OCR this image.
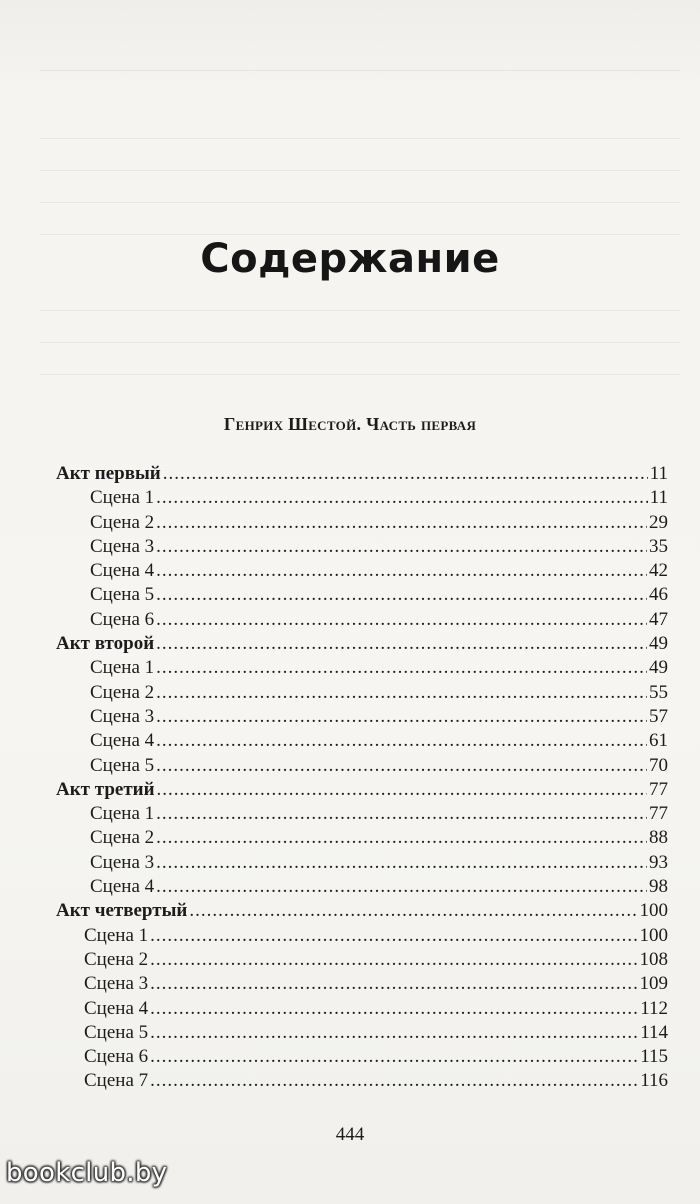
Содержание
Генрих Шестой. Часть первая
Акт первый .....	11
Сцена 1 .....	11
Сцена 2 .....	29
Сцена 3 .....	35
Сцена 4 .....	42
Сцена 5 .....	46
Сцена 6 .....	47
Акт второй .....	49
Сцена 1 .....	49
Сцена 2 .....	55
Сцена 3 .....	57
Сцена 4 .....	61
Сцена 5 .....	70
Акт третий .....	77
Сцена 1 .....	77
Сцена 2 .....	88
Сцена 3 .....	93
Сцена 4 .....	98
Акт четвертый .....	100
Сцена 1 .....	100
Сцена 2 .....	108
Сцена 3 .....	109
Сцена 4 .....	112
Сцена 5 .....	114
Сцена 6 .....	115
Сцена 7 .....	116
444
bookclub.by
